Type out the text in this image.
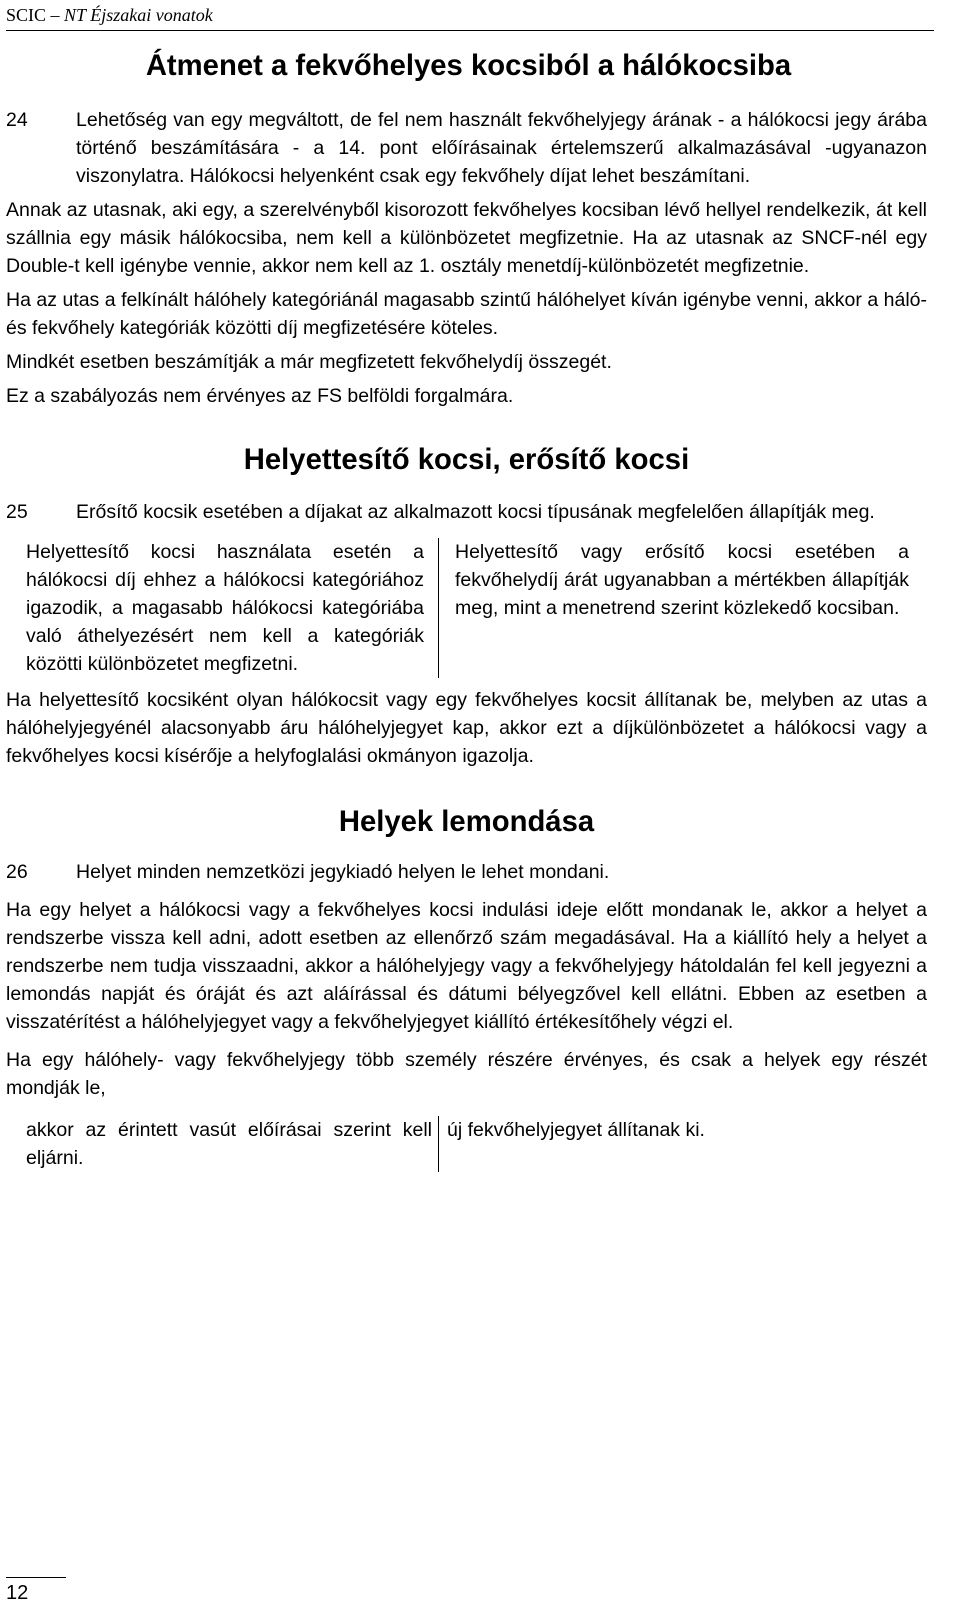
SCIC – NT Éjszakai vonatok
Átmenet a fekvőhelyes kocsiból a hálókocsiba

24 Lehetőség van egy megváltott, de fel nem használt fekvőhelyjegy árának - a hálókocsi jegy árába történő beszámítására - a 14. pont előírásainak értelemszerű alkalmazásával -ugyanazon viszonylatra. Hálókocsi helyenként csak egy fekvőhely díjat lehet beszámítani.

Annak az utasnak, aki egy, a szerelvényből kisorozott fekvőhelyes kocsiban lévő hellyel rendelkezik, át kell szállnia egy másik hálókocsiba, nem kell a különbözetet megfizetnie. Ha az utasnak az SNCF-nél egy Double-t kell igénybe vennie, akkor nem kell az 1. osztály menetdíj-különbözetét megfizetnie.

Ha az utas a felkínált hálóhely kategóriánál magasabb szintű hálóhelyet kíván igénybe venni, akkor a háló- és fekvőhely kategóriák közötti díj megfizetésére köteles.

Mindkét esetben beszámítják a már megfizetett fekvőhelydíj összegét.

Ez a szabályozás nem érvényes az FS belföldi forgalmára.

Helyettesítő kocsi, erősítő kocsi

25 Erősítő kocsik esetében a díjakat az alkalmazott kocsi típusának megfelelően állapítják meg.

Helyettesítő kocsi használata esetén a hálókocsi díj ehhez a hálókocsi kategóriához igazodik, a magasabb hálókocsi kategóriába való áthelyezésért nem kell a kategóriák közötti különbözetet megfizetni.
Helyettesítő vagy erősítő kocsi esetében a fekvőhelydíj árát ugyanabban a mértékben állapítják meg, mint a menetrend szerint közlekedő kocsiban.

Ha helyettesítő kocsiként olyan hálókocsit vagy egy fekvőhelyes kocsit állítanak be, melyben az utas a hálóhelyjegyénél alacsonyabb áru hálóhelyjegyet kap, akkor ezt a díjkülönbözetet a hálókocsi vagy a fekvőhelyes kocsi kísérője a helyfoglalási okmányon igazolja.

Helyek lemondása

26 Helyet minden nemzetközi jegykiadó helyen le lehet mondani.

Ha egy helyet a hálókocsi vagy a fekvőhelyes kocsi indulási ideje előtt mondanak le, akkor a helyet a rendszerbe vissza kell adni, adott esetben az ellenőrző szám megadásával. Ha a kiállító hely a helyet a rendszerbe nem tudja visszaadni, akkor a hálóhelyjegy vagy a fekvőhelyjegy hátoldalán fel kell jegyezni a lemondás napját és óráját és azt aláírással és dátumi bélyegzővel kell ellátni. Ebben az esetben a visszatérítést a hálóhelyjegyet vagy a fekvőhelyjegyet kiállító értékesítőhely végzi el.

Ha egy hálóhely- vagy fekvőhelyjegy több személy részére érvényes, és csak a helyek egy részét mondják le,

akkor az érintett vasút előírásai szerint kell eljárni.
új fekvőhelyjegyet állítanak ki.
12
